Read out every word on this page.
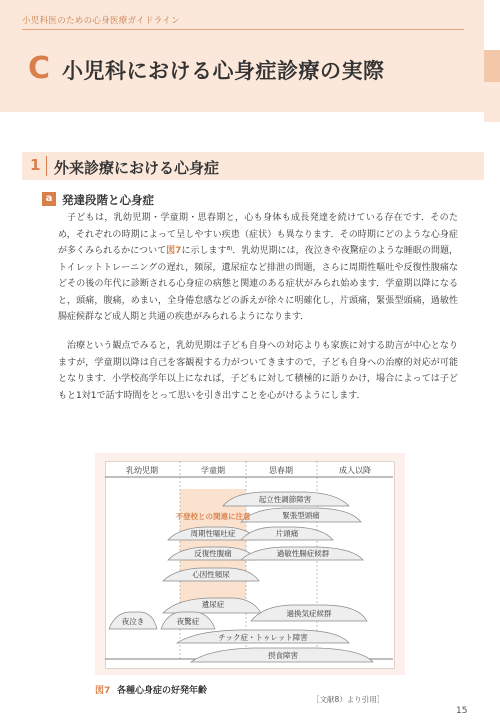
小児科医のための心身医療ガイドライン
C 小児科における心身症診療の実際
1 外来診療における心身症
a 発達段階と心身症

子どもは，乳幼児期・学童期・思春期と，心も身体も成長発達を続けている存在です．そのため，それぞれの時期によって呈しやすい疾患（症状）も異なります．その時期にどのような心身症が多くみられるかについて図7に示します⁸⁾．乳幼児期には，夜泣きや夜驚症のような睡眠の問題，トイレットトレーニングの遅れ，頻尿，遺尿症など排泄の問題，さらに周期性嘔吐や反復性腹痛などその後の年代に診断される心身症の病態と関連のある症状がみられ始めます．学童期以降になると，頭痛，腹痛，めまい，全身倦怠感などの訴えが徐々に明確化し，片頭痛，緊張型頭痛，過敏性腸症候群など成人期と共通の疾患がみられるようになります．

治療という観点でみると，乳幼児期は子ども自身への対応よりも家族に対する助言が中心となりますが，学童期以降は自己を客観視する力がついてきますので，子ども自身への治療的対応が可能となります．小学校高学年以上になれば，子どもに対して積極的に語りかけ，場合によっては子どもと1対1で話す時間をとって思いを引き出すことを心がけるようにします．

乳幼児期	学童期	思春期	成人以降
起立性調節障害
緊張型頭痛
周期性嘔吐症	片頭痛
反復性腹痛	過敏性腸症候群
心因性頻尿
遺尿症
夜泣き	夜驚症
過換気症候群
チック症・トゥレット障害
摂食障害
不登校との関連に注意
図7 各種心身症の好発年齢
［文献8）より引用］
15
